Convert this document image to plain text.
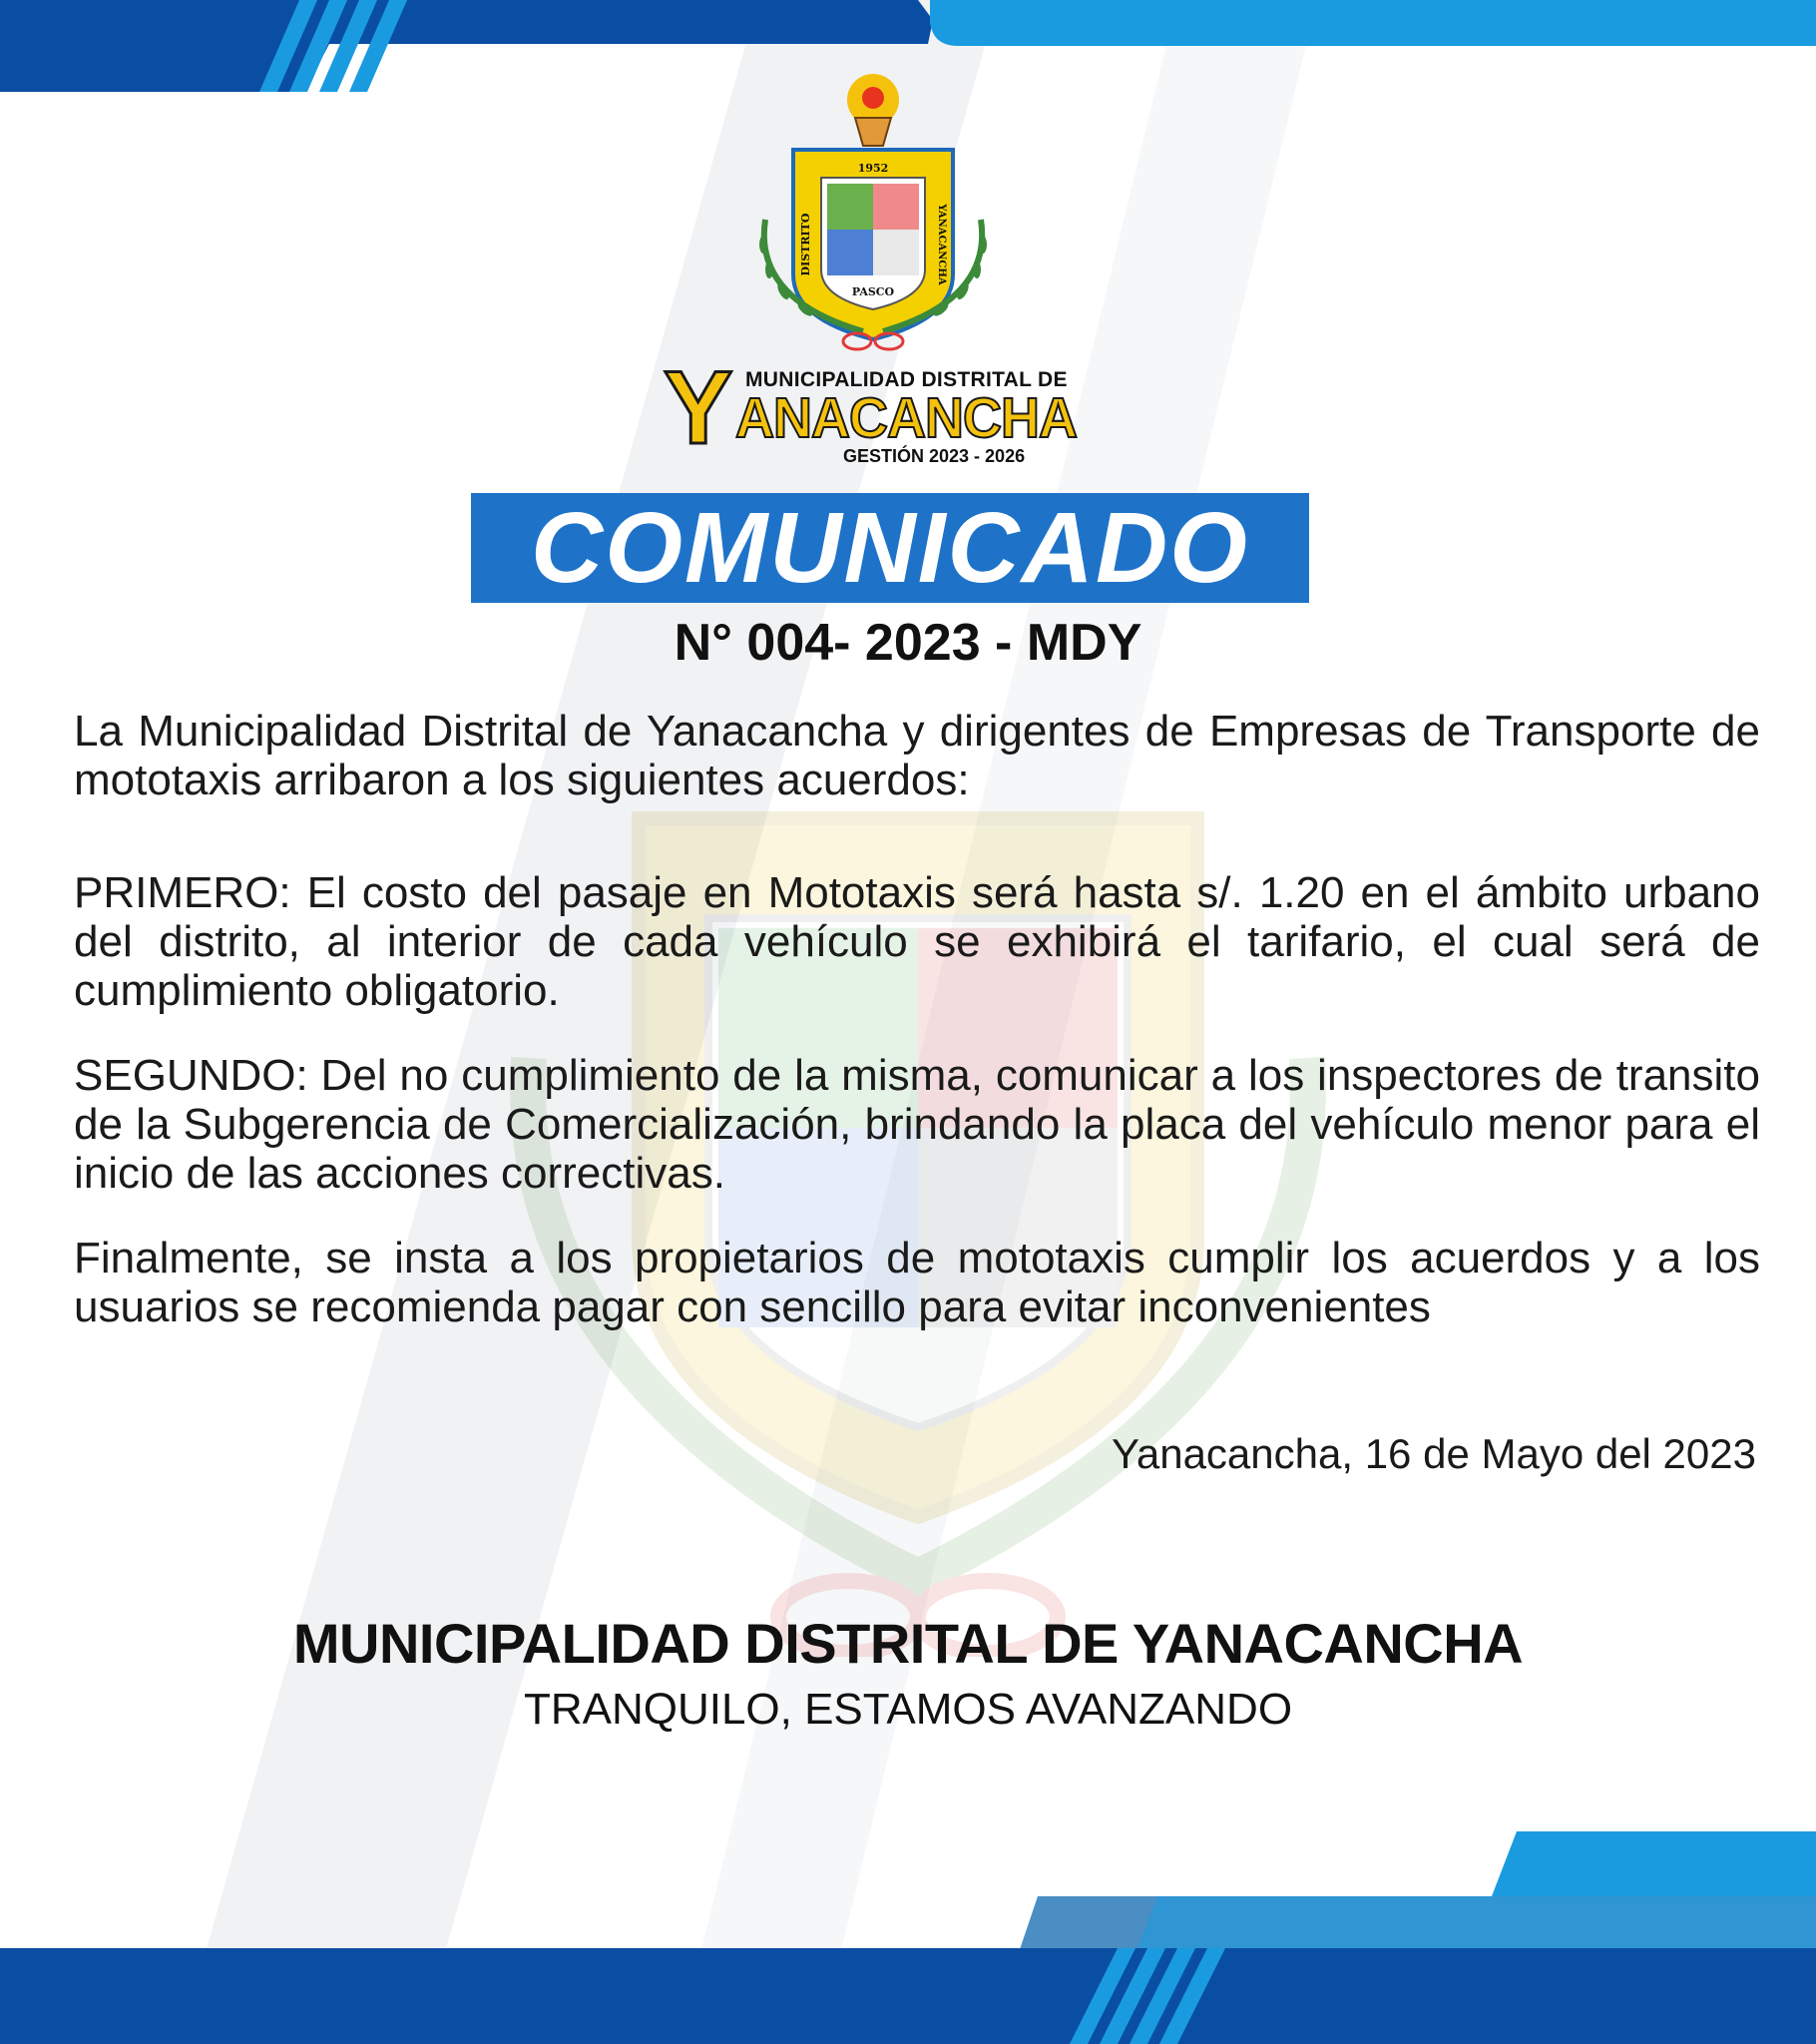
1952
DISTRITO	YANACANCHA
PASCO
Y MUNICIPALIDAD DISTRITAL DE
ANACANCHA
GESTIÓN 2023 - 2026
COMUNICADO
N° 004- 2023 - MDY

La Municipalidad Distrital de Yanacancha y dirigentes de Empresas de Transporte de mototaxis arribaron a los siguientes acuerdos:

PRIMERO: El costo del pasaje en Mototaxis será hasta s/. 1.20 en el ámbito urbano del distrito, al interior de cada vehículo se exhibirá el tarifario, el cual será de cumplimiento obligatorio.

SEGUNDO: Del no cumplimiento de la misma, comunicar a los inspectores de transito de la Subgerencia de Comercialización, brindando la placa del vehículo menor para el inicio de las acciones correctivas.

Finalmente, se insta a los propietarios de mototaxis cumplir los acuerdos y a los usuarios se recomienda pagar con sencillo para evitar inconvenientes

Yanacancha, 16 de Mayo del 2023
MUNICIPALIDAD DISTRITAL DE YANACANCHA
TRANQUILO, ESTAMOS AVANZANDO
